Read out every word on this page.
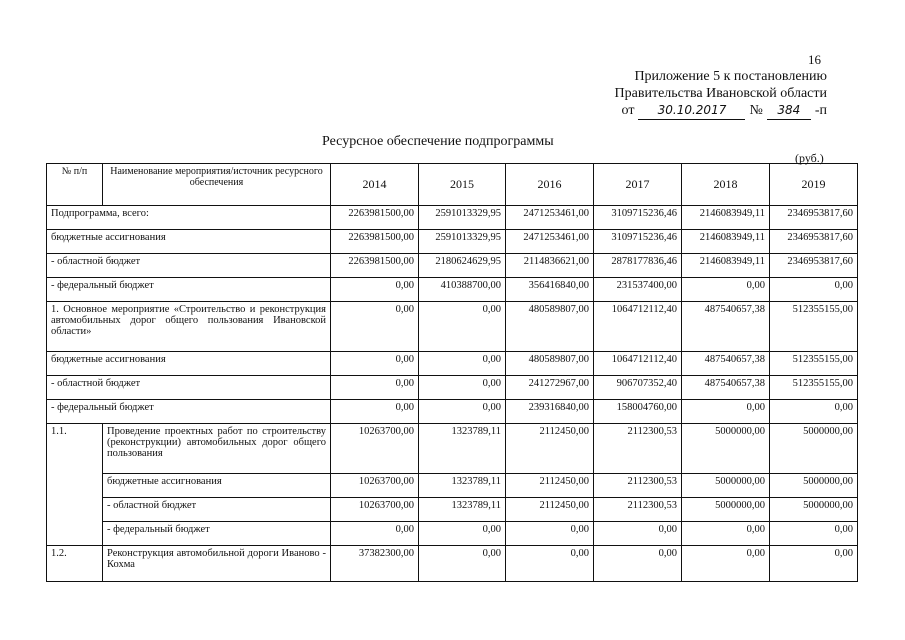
16
Приложение 5 к постановлению
Правительства Ивановской области
от	30.10.2017	№	384	-п
Ресурсное обеспечение подпрограммы
(руб.)
№ п/п	Наименование мероприятия/источник ресурсного обеспечения	2014	2015	2016	2017	2018	2019
Подпрограмма, всего:		2263981500,00	2591013329,95	2471253461,00	3109715236,46	2146083949,11	2346953817,60
бюджетные ассигнования		2263981500,00	2591013329,95	2471253461,00	3109715236,46	2146083949,11	2346953817,60
- областной бюджет		2263981500,00	2180624629,95	2114836621,00	2878177836,46	2146083949,11	2346953817,60
- федеральный бюджет		0,00	410388700,00	356416840,00	231537400,00	0,00	0,00
1. Основное мероприятие «Строительство и реконструкция автомобильных дорог общего пользования Ивановской области»		0,00	0,00	480589807,00	1064712112,40	487540657,38	512355155,00
бюджетные ассигнования		0,00	0,00	480589807,00	1064712112,40	487540657,38	512355155,00
- областной бюджет		0,00	0,00	241272967,00	906707352,40	487540657,38	512355155,00
- федеральный бюджет		0,00	0,00	239316840,00	158004760,00	0,00	0,00
1.1.	Проведение проектных работ по строительству (реконструкции) автомобильных дорог общего пользования	10263700,00	1323789,11	2112450,00	2112300,53	5000000,00	5000000,00
	бюджетные ассигнования	10263700,00	1323789,11	2112450,00	2112300,53	5000000,00	5000000,00
	- областной бюджет	10263700,00	1323789,11	2112450,00	2112300,53	5000000,00	5000000,00
	- федеральный бюджет	0,00	0,00	0,00	0,00	0,00	0,00
1.2.	Реконструкция автомобильной дороги Иваново - Кохма	37382300,00	0,00	0,00	0,00	0,00	0,00
